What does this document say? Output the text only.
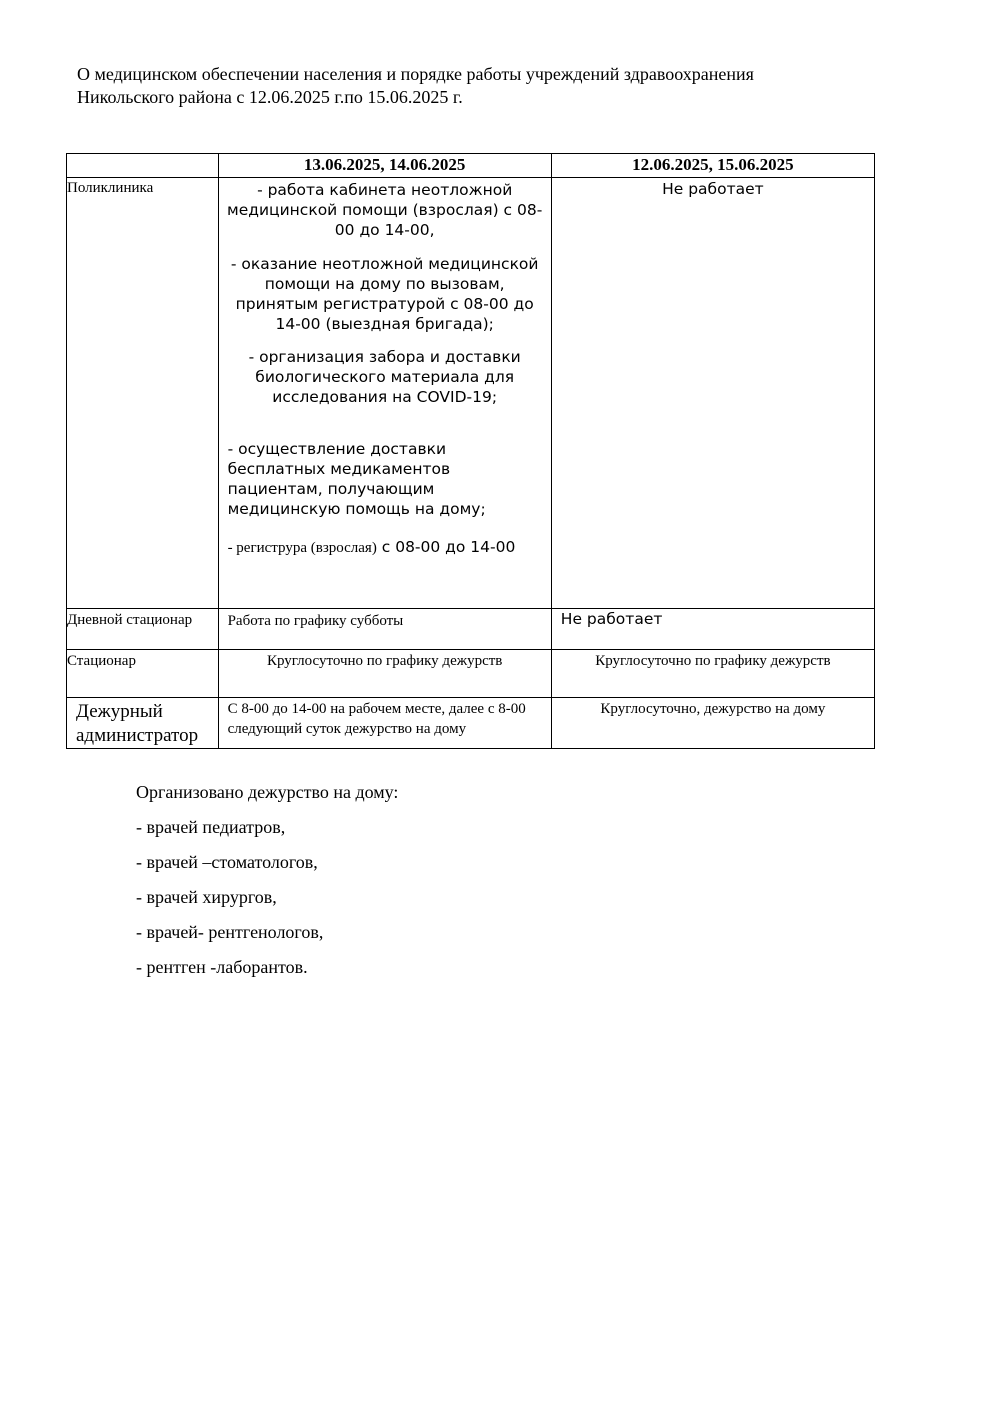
О медицинском обеспечении населения и порядке работы учреждений здравоохранения
Никольского района с 12.06.2025 г.по 15.06.2025 г.
	13.06.2025, 14.06.2025	12.06.2025, 15.06.2025
Поликлиника	- работа кабинета неотложной медицинской помощи (взрослая) с 08-00 до 14-00,
- оказание неотложной медицинской помощи на дому по вызовам, принятым регистратурой с 08-00 до 14-00 (выездная бригада);
- организация забора и доставки биологического материала для исследования на COVID-19;
- осуществление доставки бесплатных медикаментов пациентам, получающим медицинскую помощь на дому;
- региструра (взрослая) с 08-00 до 14-00	Не работает
Дневной стационар	Работа по графику субботы	Не работает
Стационар	Круглосуточно по графику дежурств	Круглосуточно по графику дежурств
Дежурный администратор	С 8-00 до 14-00 на рабочем месте, далее с 8-00 следующий суток дежурство на дому	Круглосуточно, дежурство на дому
Организовано дежурство на дому:
- врачей педиатров,
- врачей –стоматологов,
- врачей хирургов,
- врачей- рентгенологов,
- рентген -лаборантов.
